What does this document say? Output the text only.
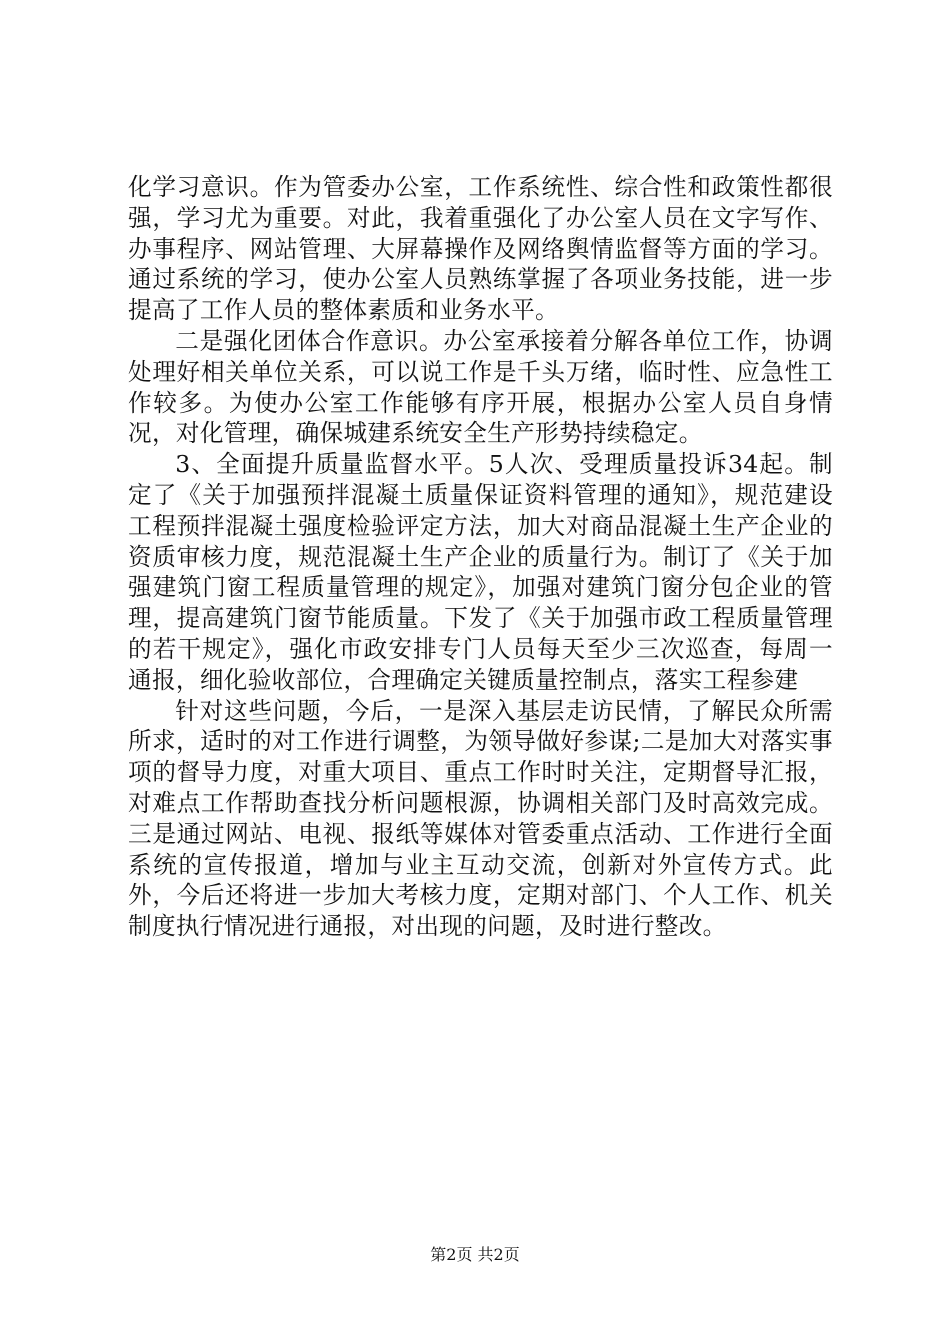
化学习意识。作为管委办公室，工作系统性、综合性和政策性都很强，学习尤为重要。对此，我着重强化了办公室人员在文字写作、办事程序、网站管理、大屏幕操作及网络舆情监督等方面的学习。通过系统的学习，使办公室人员熟练掌握了各项业务技能，进一步提高了工作人员的整体素质和业务水平。

二是强化团体合作意识。办公室承接着分解各单位工作，协调处理好相关单位关系，可以说工作是千头万绪，临时性、应急性工作较多。为使办公室工作能够有序开展，根据办公室人员自身情况，对化管理，确保城建系统安全生产形势持续稳定。

3、全面提升质量监督水平。5人次、受理质量投诉34起。制定了《关于加强预拌混凝土质量保证资料管理的通知》，规范建设工程预拌混凝土强度检验评定方法，加大对商品混凝土生产企业的资质审核力度，规范混凝土生产企业的质量行为。制订了《关于加强建筑门窗工程质量管理的规定》，加强对建筑门窗分包企业的管理，提高建筑门窗节能质量。下发了《关于加强市政工程质量管理的若干规定》，强化市政安排专门人员每天至少三次巡查，每周一通报，细化验收部位，合理确定关键质量控制点，落实工程参建

针对这些问题，今后，一是深入基层走访民情，了解民众所需所求，适时的对工作进行调整，为领导做好参谋;二是加大对落实事项的督导力度，对重大项目、重点工作时时关注，定期督导汇报，对难点工作帮助查找分析问题根源，协调相关部门及时高效完成。三是通过网站、电视、报纸等媒体对管委重点活动、工作进行全面系统的宣传报道，增加与业主互动交流，创新对外宣传方式。此外，今后还将进一步加大考核力度，定期对部门、个人工作、机关制度执行情况进行通报，对出现的问题，及时进行整改。

第2页 共2页
